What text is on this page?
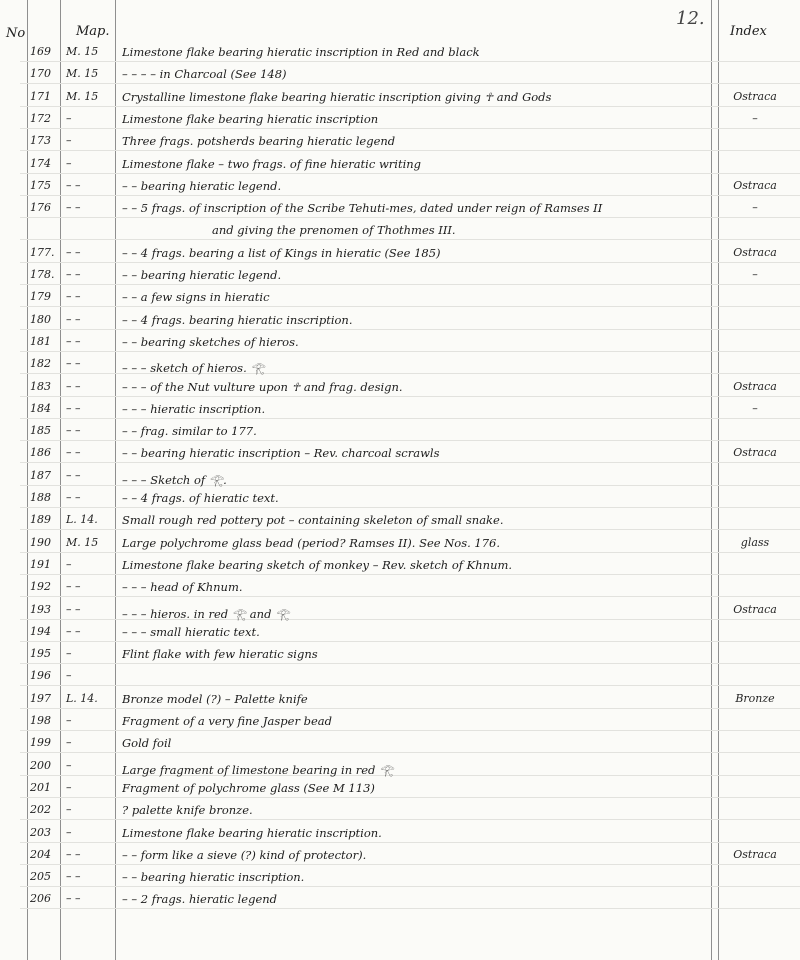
12.
No	Map.	Index
169	M. 15	Limestone flake bearing hieratic inscription in Red and black
170	M. 15	– – – – in Charcoal (See 148)
171	M. 15	Crystalline limestone flake bearing hieratic inscription giving ☥ and Gods	Ostraca
172	–	Limestone flake bearing hieratic inscription	–
173	–	Three frags. potsherds bearing hieratic legend
174	–	Limestone flake – two frags. of fine hieratic writing
175	– –	– – bearing hieratic legend.	Ostraca
176	– –	– – 5 frags. of inscription of the Scribe Tehuti-mes, dated under reign of Ramses II	–
and giving the prenomen of Thothmes III.
177.	– –	– – 4 frags. bearing a list of Kings in hieratic (See 185)	Ostraca
178.	– –	– – bearing hieratic legend.	–
179	– –	– – a few signs in hieratic
180	– –	– – 4 frags. bearing hieratic inscription.
181	– –	– – bearing sketches of hieros.
182	– –	– – – sketch of hieros. 𓂀
183	– –	– – – of the Nut vulture upon ☥ and frag. design.	Ostraca
184	– –	– – – hieratic inscription.	–
185	– –	– – frag. similar to 177.
186	– –	– – bearing hieratic inscription – Rev. charcoal scrawls	Ostraca
187	– –	– – – Sketch of 𓂀.
188	– –	– – 4 frags. of hieratic text.
189	L. 14.	Small rough red pottery pot – containing skeleton of small snake.
190	M. 15	Large polychrome glass bead (period? Ramses II). See Nos. 176.	glass
191	–	Limestone flake bearing sketch of monkey – Rev. sketch of Khnum.
192	– –	– – – head of Khnum.
193	– –	– – – hieros. in red 𓂀 and 𓂀	Ostraca
194	– –	– – – small hieratic text.
195	–	Flint flake with few hieratic signs
196	–
197	L. 14.	Bronze model (?) – Palette knife	Bronze
198	–	Fragment of a very fine Jasper bead
199	–	Gold foil
200	–	Large fragment of limestone bearing in red 𓂀
201	–	Fragment of polychrome glass (See M 113)
202	–	? palette knife bronze.
203	–	Limestone flake bearing hieratic inscription.
204	– –	– – form like a sieve (?) kind of protector).	Ostraca
205	– –	– – bearing hieratic inscription.
206	– –	– – 2 frags. hieratic legend
